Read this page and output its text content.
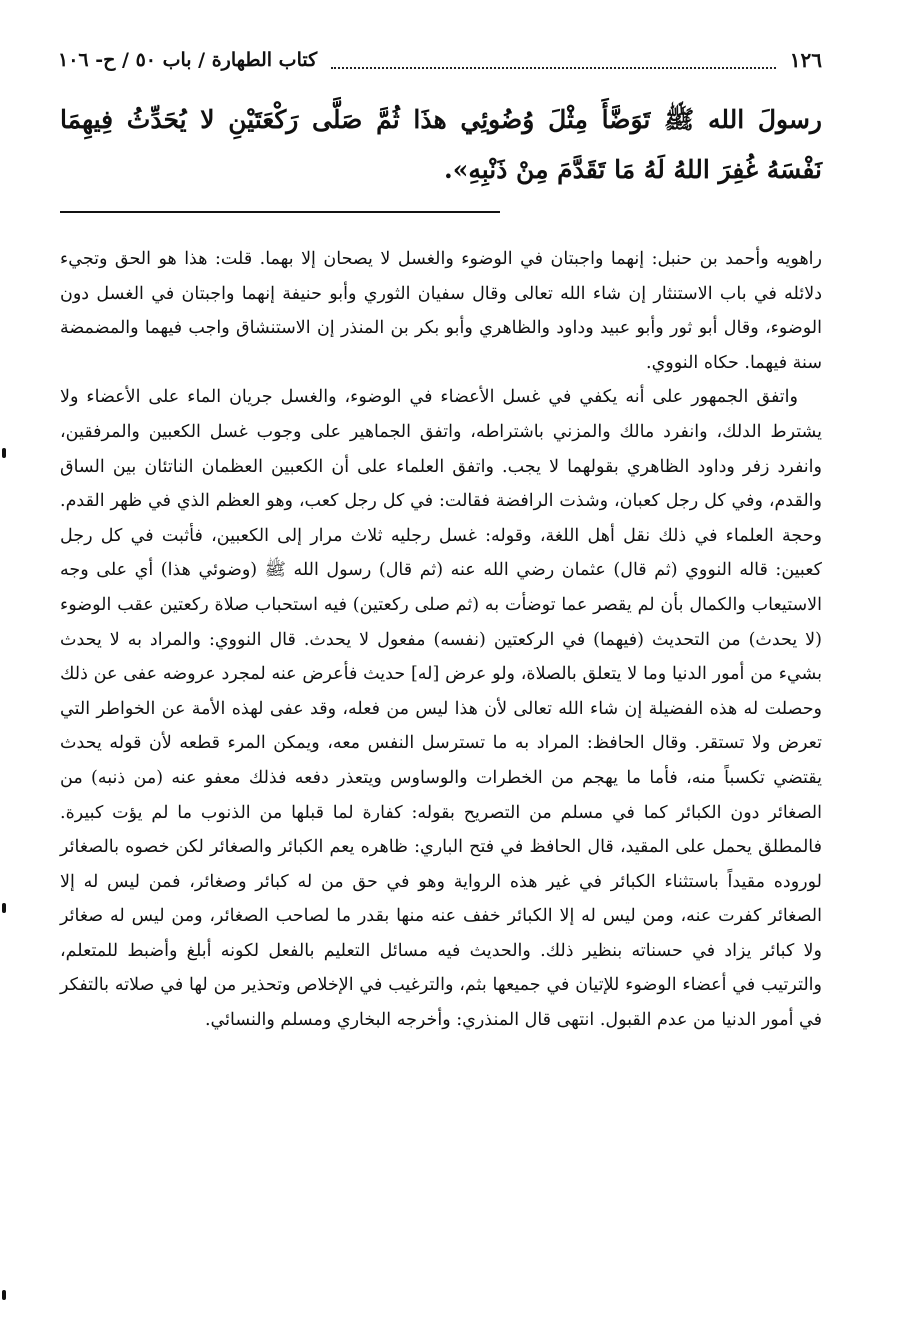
كتاب الطهارة / باب ٥٠ / ح- ١٠٦	١٢٦
رسولَ الله ﷺ تَوَضَّأَ مِثْلَ وُضُوئِي هذَا ثُمَّ صَلَّى رَكْعَتَيْنِ لا يُحَدِّثُ فِيهِمَا نَفْسَهُ غُفِرَ اللهُ لَهُ مَا تَقَدَّمَ مِنْ ذَنْبِهِ».

راهويه وأحمد بن حنبل: إنهما واجبتان في الوضوء والغسل لا يصحان إلا بهما. قلت: هذا هو الحق وتجيء دلائله في باب الاستنثار إن شاء الله تعالى وقال سفيان الثوري وأبو حنيفة إنهما واجبتان في الغسل دون الوضوء، وقال أبو ثور وأبو عبيد وداود والظاهري وأبو بكر بن المنذر إن الاستنشاق واجب فيهما والمضمضة سنة فيهما. حكاه النووي.

واتفق الجمهور على أنه يكفي في غسل الأعضاء في الوضوء، والغسل جريان الماء على الأعضاء ولا يشترط الدلك، وانفرد مالك والمزني باشتراطه، واتفق الجماهير على وجوب غسل الكعبين والمرفقين، وانفرد زفر وداود الظاهري بقولهما لا يجب. واتفق العلماء على أن الكعبين العظمان الناتئان بين الساق والقدم، وفي كل رجل كعبان، وشذت الرافضة فقالت: في كل رجل كعب، وهو العظم الذي في ظهر القدم. وحجة العلماء في ذلك نقل أهل اللغة، وقوله: غسل رجليه ثلاث مرار إلى الكعبين، فأثبت في كل رجل كعبين: قاله النووي (ثم قال) عثمان رضي الله عنه (ثم قال) رسول الله ﷺ (وضوئي هذا) أي على وجه الاستيعاب والكمال بأن لم يقصر عما توضأت به (ثم صلى ركعتين) فيه استحباب صلاة ركعتين عقب الوضوء (لا يحدث) من التحديث (فيهما) في الركعتين (نفسه) مفعول لا يحدث. قال النووي: والمراد به لا يحدث بشيء من أمور الدنيا وما لا يتعلق بالصلاة، ولو عرض [له] حديث فأعرض عنه لمجرد عروضه عفى عن ذلك وحصلت له هذه الفضيلة إن شاء الله تعالى لأن هذا ليس من فعله، وقد عفى لهذه الأمة عن الخواطر التي تعرض ولا تستقر. وقال الحافظ: المراد به ما تسترسل النفس معه، ويمكن المرء قطعه لأن قوله يحدث يقتضي تكسباً منه، فأما ما يهجم من الخطرات والوساوس ويتعذر دفعه فذلك معفو عنه (من ذنبه) من الصغائر دون الكبائر كما في مسلم من التصريح بقوله: كفارة لما قبلها من الذنوب ما لم يؤت كبيرة. فالمطلق يحمل على المقيد، قال الحافظ في فتح الباري: ظاهره يعم الكبائر والصغائر لكن خصوه بالصغائر لوروده مقيداً باستثناء الكبائر في غير هذه الرواية وهو في حق من له كبائر وصغائر، فمن ليس له إلا الصغائر كفرت عنه، ومن ليس له إلا الكبائر خفف عنه منها بقدر ما لصاحب الصغائر، ومن ليس له صغائر ولا كبائر يزاد في حسناته بنظير ذلك. والحديث فيه مسائل التعليم بالفعل لكونه أبلغ وأضبط للمتعلم، والترتيب في أعضاء الوضوء للإتيان في جميعها بثم، والترغيب في الإخلاص وتحذير من لها في صلاته بالتفكر في أمور الدنيا من عدم القبول. انتهى قال المنذري: وأخرجه البخاري ومسلم والنسائي.
